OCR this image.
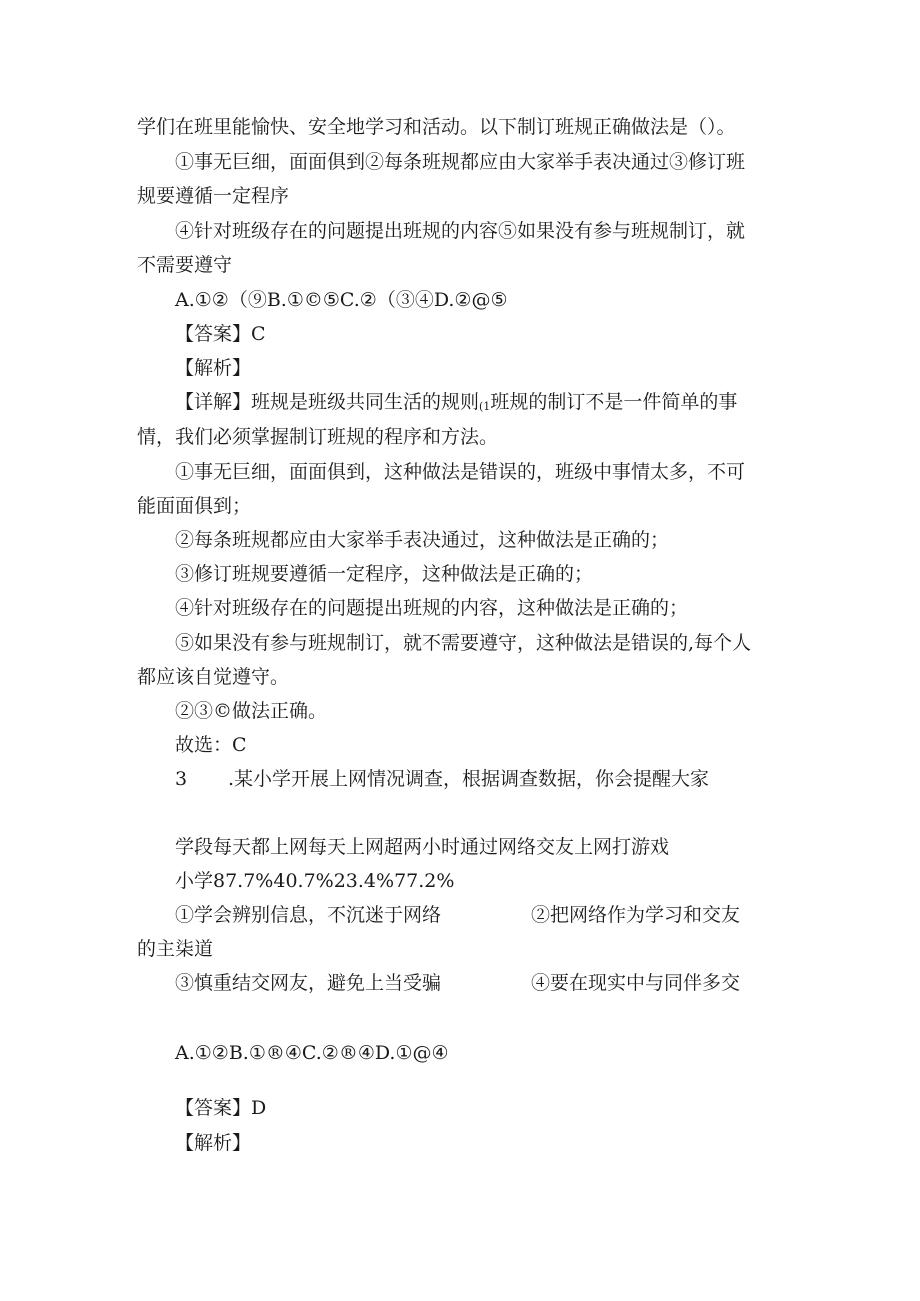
学们在班里能愉快、安全地学习和活动。以下制订班规正确做法是（）。

①事无巨细，面面俱到②每条班规都应由大家举手表决通过③修订班

规要遵循一定程序

④针对班级存在的问题提出班规的内容⑤如果没有参与班规制订，就

不需要遵守

A.①②（⑨B.①©⑤C.②（③④D.②@⑤

【答案】C

【解析】

【详解】班规是班级共同生活的规则(1班规的制订不是一件简单的事

情，我们必须掌握制订班规的程序和方法。

①事无巨细，面面俱到，这种做法是错误的，班级中事情太多，不可

能面面俱到；

②每条班规都应由大家举手表决通过，这种做法是正确的；

③修订班规要遵循一定程序，这种做法是正确的；

④针对班级存在的问题提出班规的内容，这种做法是正确的；

⑤如果没有参与班规制订，就不需要遵守，这种做法是错误的,每个人

都应该自觉遵守。

②③©做法正确。

故选：C

3 .某小学开展上网情况调查，根据调查数据，你会提醒大家

学段每天都上网每天上网超两小时通过网络交友上网打游戏

小学87.7%40.7%23.4%77.2%

①学会辨别信息，不沉迷于网络	②把网络作为学习和交友

的主柒道

③慎重结交网友，避免上当受骗	④要在现实中与同伴多交

A.①②B.①®④C.②®④D.①@④

【答案】D

【解析】
